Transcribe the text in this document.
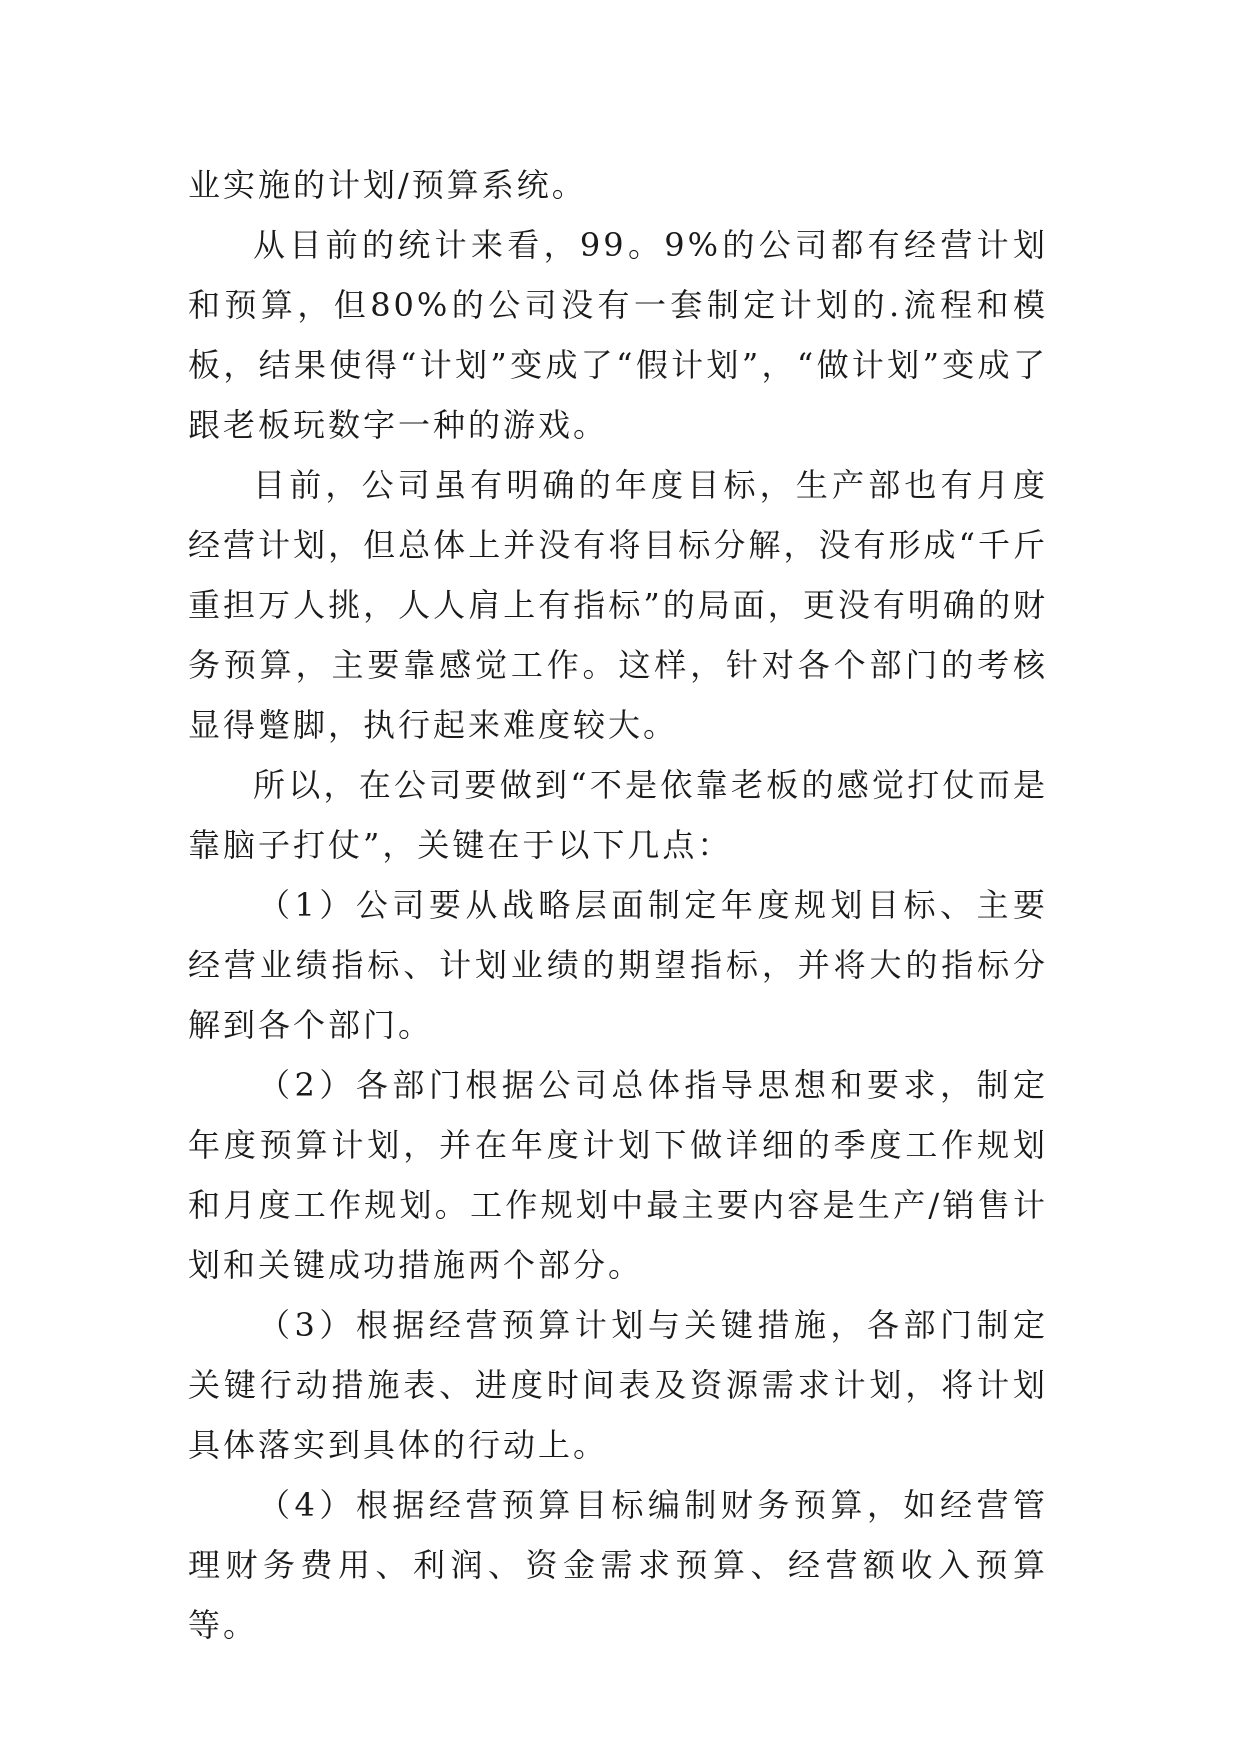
业实施的计划/预算系统。

从目前的统计来看，99。9%的公司都有经营计划和预算，但80%的公司没有一套制定计划的.流程和模板，结果使得“计划”变成了“假计划”，“做计划”变成了跟老板玩数字一种的游戏。

目前，公司虽有明确的年度目标，生产部也有月度经营计划，但总体上并没有将目标分解，没有形成“千斤重担万人挑，人人肩上有指标”的局面，更没有明确的财务预算，主要靠感觉工作。这样，针对各个部门的考核显得蹩脚，执行起来难度较大。

所以，在公司要做到“不是依靠老板的感觉打仗而是靠脑子打仗”，关键在于以下几点：

（1）公司要从战略层面制定年度规划目标、主要经营业绩指标、计划业绩的期望指标，并将大的指标分解到各个部门。

（2）各部门根据公司总体指导思想和要求，制定年度预算计划，并在年度计划下做详细的季度工作规划和月度工作规划。工作规划中最主要内容是生产/销售计划和关键成功措施两个部分。

（3）根据经营预算计划与关键措施，各部门制定关键行动措施表、进度时间表及资源需求计划，将计划具体落实到具体的行动上。

（4）根据经营预算目标编制财务预算，如经营管理财务费用、利润、资金需求预算、经营额收入预算等。
